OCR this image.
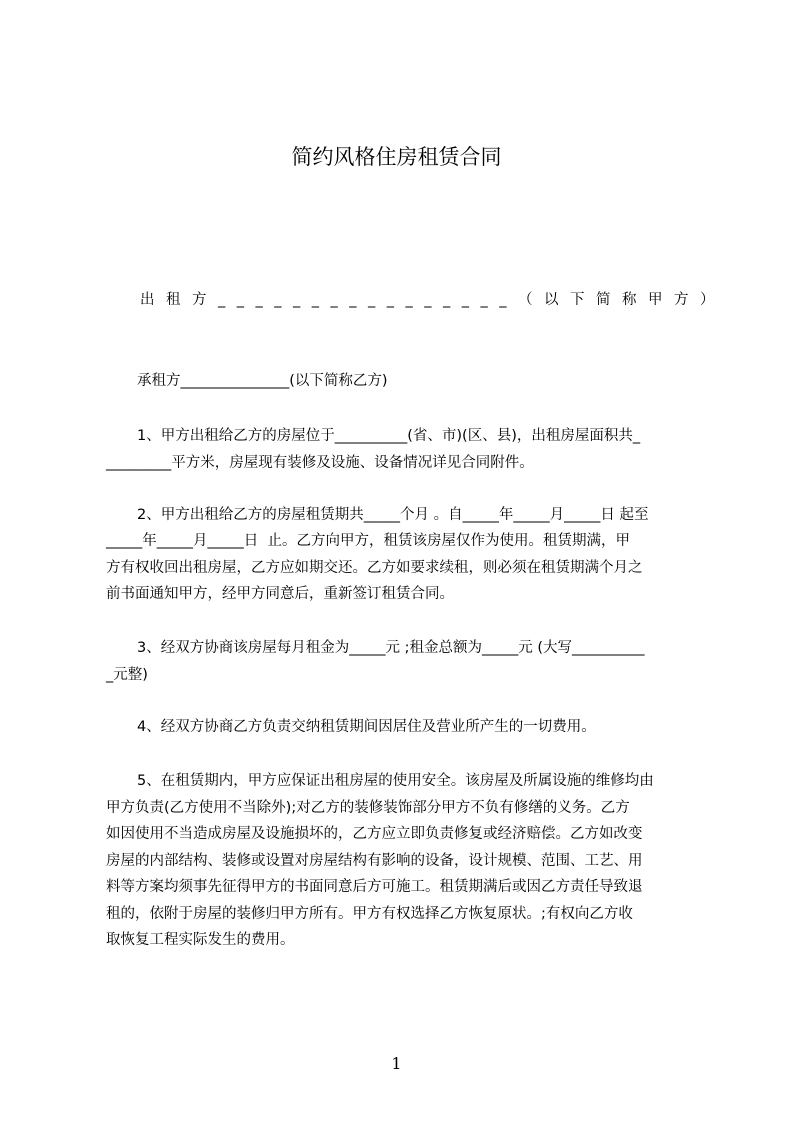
简约风格住房租赁合同
出租方________________（以下简称甲方）
承租方_______________(以下简称乙方)
1、甲方出租给乙方的房屋位于__________(省、市)(区、县)，出租房屋面积共_
_________平方米，房屋现有装修及设施、设备情况详见合同附件。
2、甲方出租给乙方的房屋租赁期共_____个月 。自_____年_____月_____日 起至
_____年_____月_____日  止。乙方向甲方，租赁该房屋仅作为使用。租赁期满，甲
方有权收回出租房屋，乙方应如期交还。乙方如要求续租，则必须在租赁期满个月之
前书面通知甲方，经甲方同意后，重新签订租赁合同。
3、经双方协商该房屋每月租金为_____元 ;租金总额为_____元 (大写__________
_元整)
4、经双方协商乙方负责交纳租赁期间因居住及营业所产生的一切费用。
5、在租赁期内，甲方应保证出租房屋的使用安全。该房屋及所属设施的维修均由
甲方负责(乙方使用不当除外);对乙方的装修装饰部分甲方不负有修缮的义务。乙方
如因使用不当造成房屋及设施损坏的，乙方应立即负责修复或经济赔偿。乙方如改变
房屋的内部结构、装修或设置对房屋结构有影响的设备，设计规模、范围、工艺、用
料等方案均须事先征得甲方的书面同意后方可施工。租赁期满后或因乙方责任导致退
租的，依附于房屋的装修归甲方所有。甲方有权选择乙方恢复原状。;有权向乙方收
取恢复工程实际发生的费用。
1
